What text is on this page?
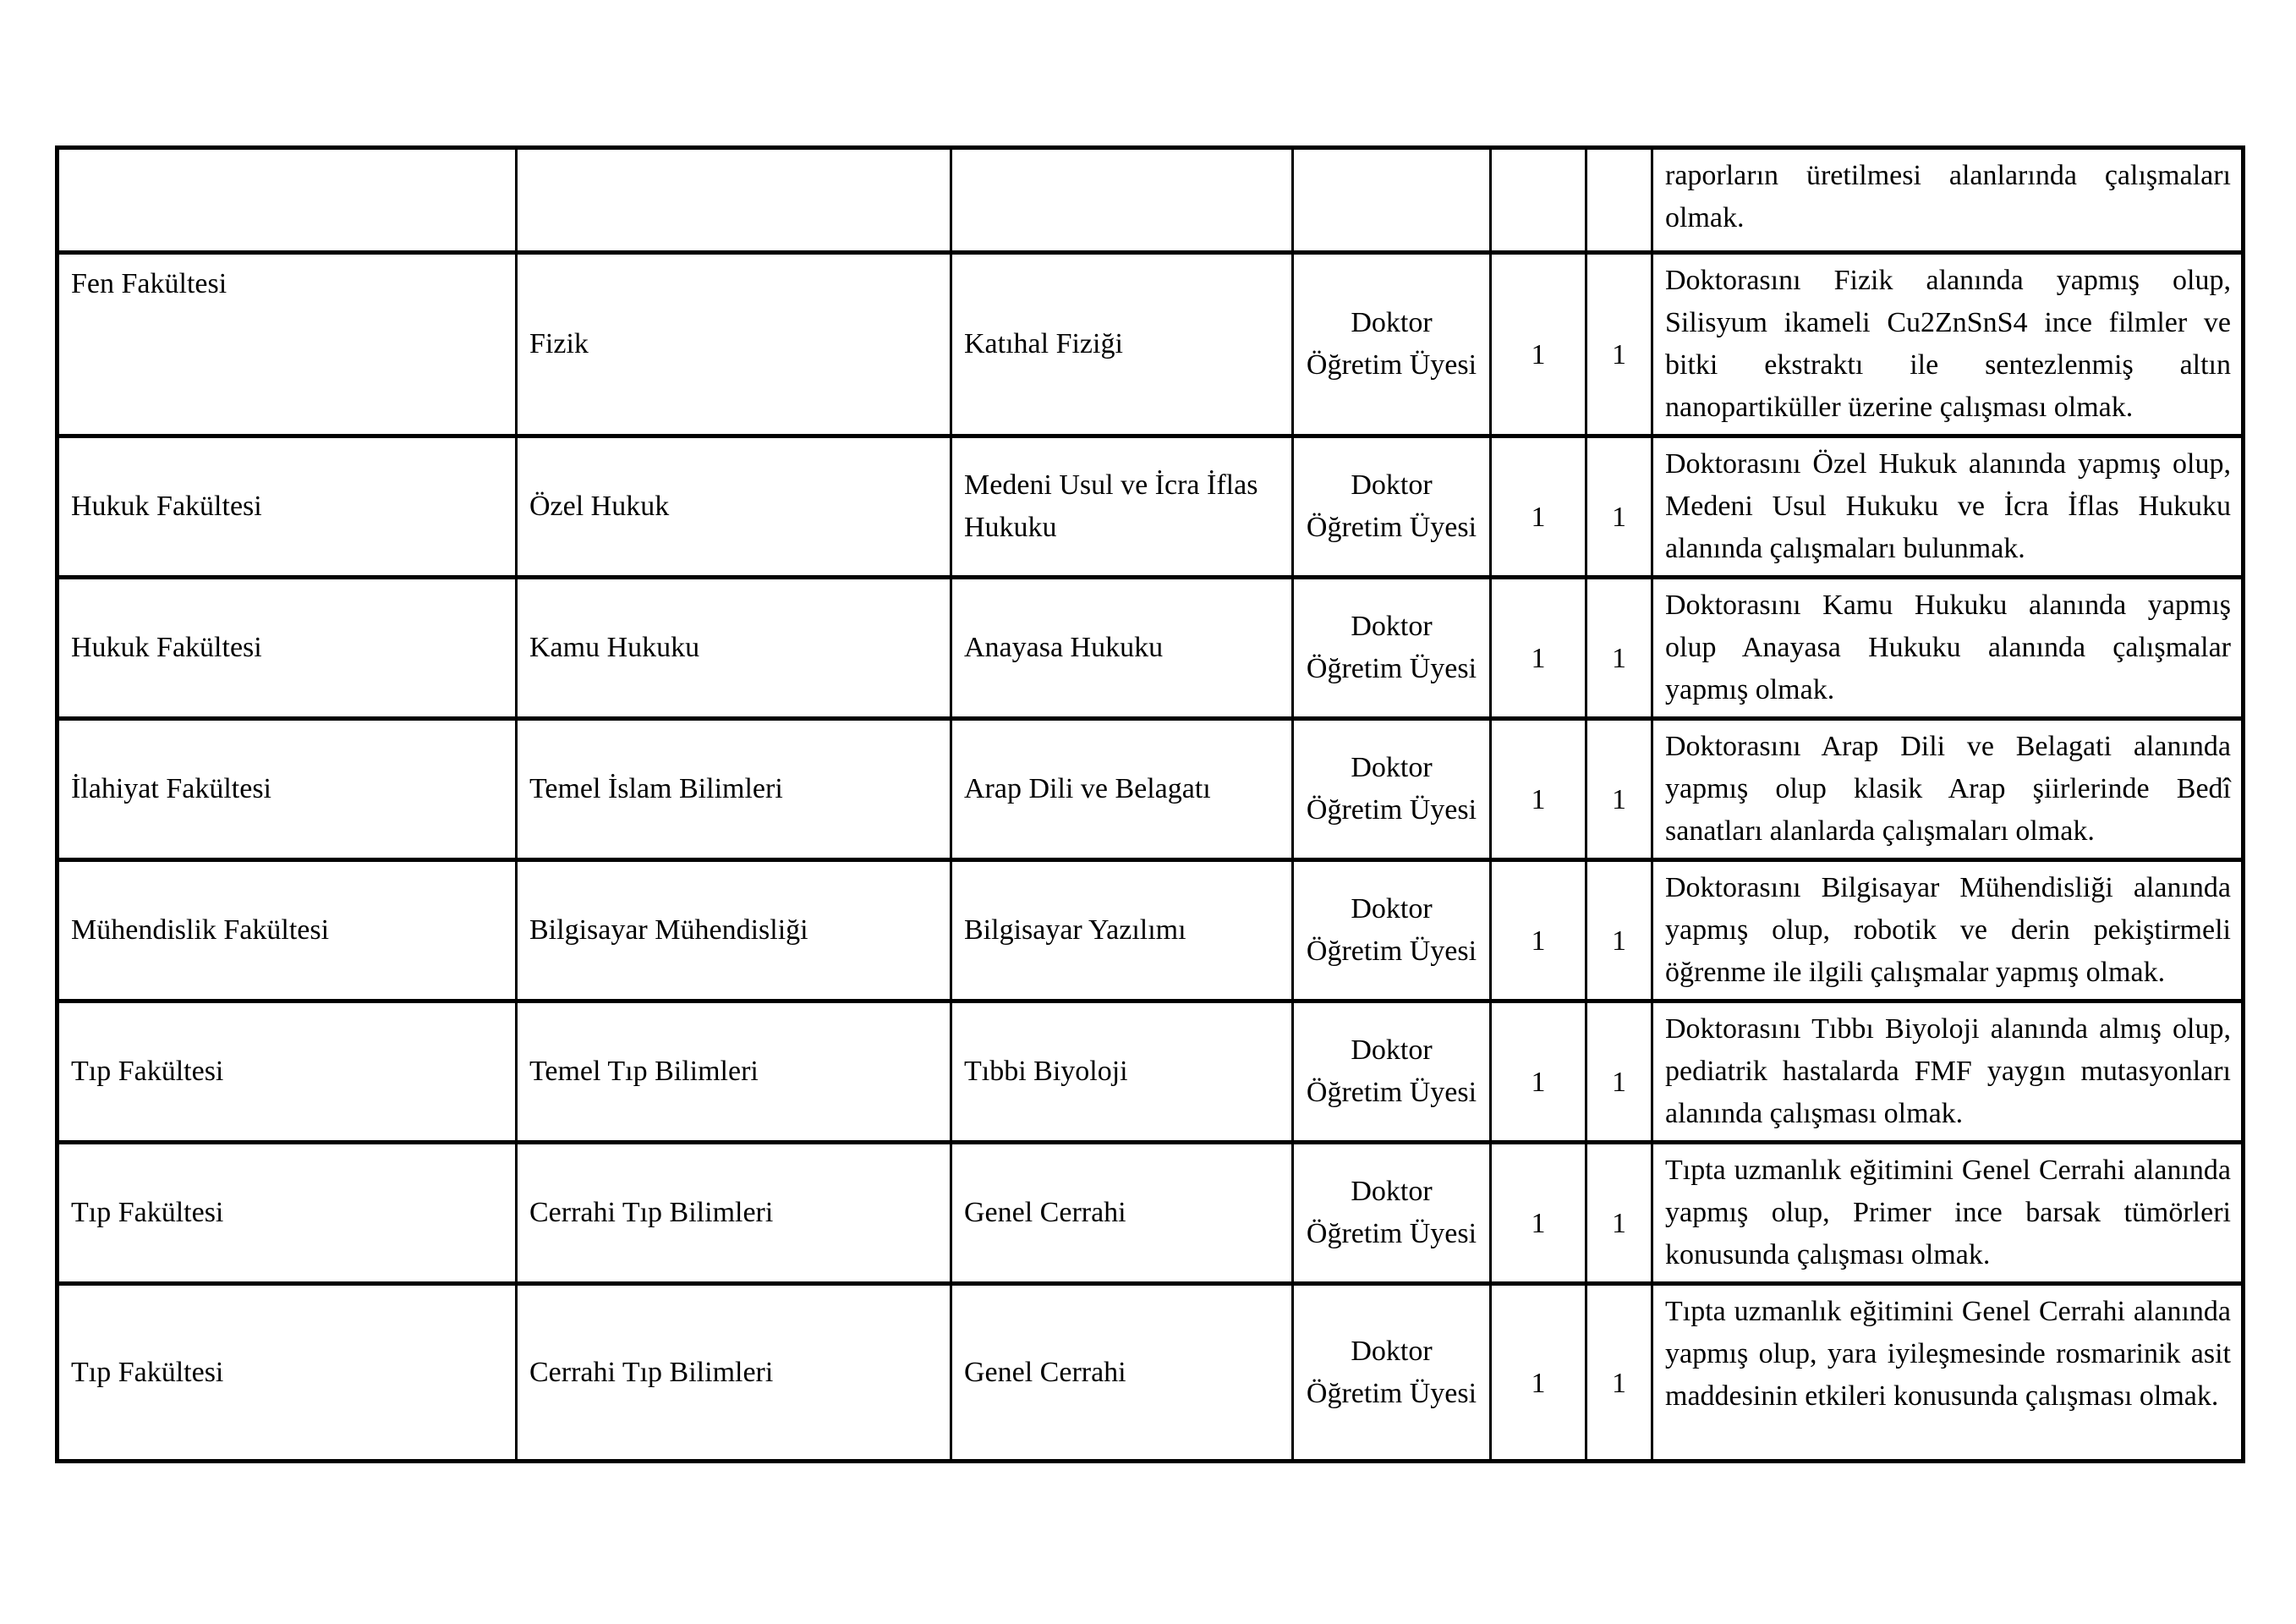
						raporların üretilmesi alanlarında çalışmaları olmak.
Fen Fakültesi	Fizik	Katıhal Fiziği	Doktor Öğretim Üyesi	1	1	Doktorasını Fizik alanında yapmış olup, Silisyum ikameli Cu2ZnSnS4 ince filmler ve bitki ekstraktı ile sentezlenmiş altın nanopartiküller üzerine çalışması olmak.
Hukuk Fakültesi	Özel Hukuk	Medeni Usul ve İcra İflas Hukuku	Doktor Öğretim Üyesi	1	1	Doktorasını Özel Hukuk alanında yapmış olup, Medeni Usul Hukuku ve İcra İflas Hukuku alanında çalışmaları bulunmak.
Hukuk Fakültesi	Kamu Hukuku	Anayasa Hukuku	Doktor Öğretim Üyesi	1	1	Doktorasını Kamu Hukuku alanında yapmış olup Anayasa Hukuku alanında çalışmalar yapmış olmak.
İlahiyat Fakültesi	Temel İslam Bilimleri	Arap Dili ve Belagatı	Doktor Öğretim Üyesi	1	1	Doktorasını Arap Dili ve Belagati alanında yapmış olup klasik Arap şiirlerinde Bedî sanatları alanlarda çalışmaları olmak.
Mühendislik Fakültesi	Bilgisayar Mühendisliği	Bilgisayar Yazılımı	Doktor Öğretim Üyesi	1	1	Doktorasını Bilgisayar Mühendisliği alanında yapmış olup, robotik ve derin pekiştirmeli öğrenme ile ilgili çalışmalar yapmış olmak.
Tıp Fakültesi	Temel Tıp Bilimleri	Tıbbi Biyoloji	Doktor Öğretim Üyesi	1	1	Doktorasını Tıbbı Biyoloji alanında almış olup, pediatrik hastalarda FMF yaygın mutasyonları alanında çalışması olmak.
Tıp Fakültesi	Cerrahi Tıp Bilimleri	Genel Cerrahi	Doktor Öğretim Üyesi	1	1	Tıpta uzmanlık eğitimini Genel Cerrahi alanında yapmış olup, Primer ince barsak tümörleri konusunda çalışması olmak.
Tıp Fakültesi	Cerrahi Tıp Bilimleri	Genel Cerrahi	Doktor Öğretim Üyesi	1	1	Tıpta uzmanlık eğitimini Genel Cerrahi alanında yapmış olup, yara iyileşmesinde rosmarinik asit maddesinin etkileri konusunda çalışması olmak.
